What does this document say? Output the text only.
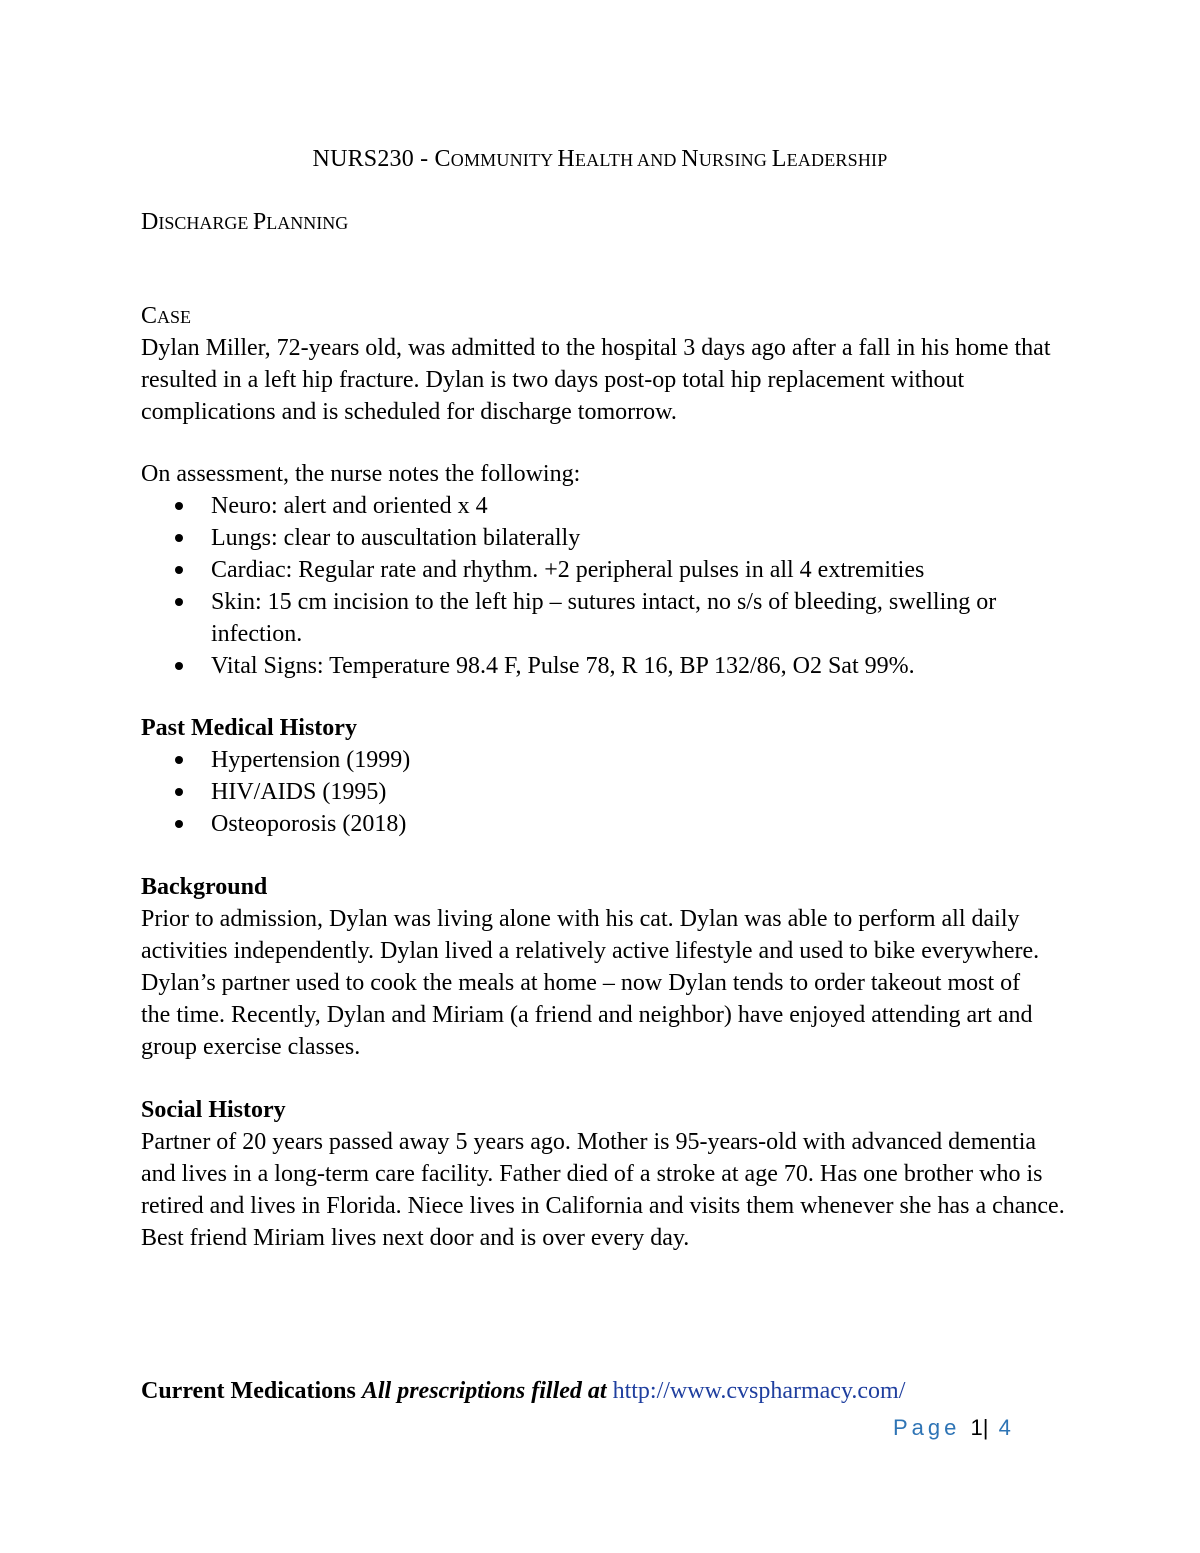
NURS230 - COMMUNITY HEALTH AND NURSING LEADERSHIP
DISCHARGE PLANNING
CASE

Dylan Miller, 72-years old, was admitted to the hospital 3 days ago after a fall in his home that resulted in a left hip fracture. Dylan is two days post-op total hip replacement without complications and is scheduled for discharge tomorrow.

On assessment, the nurse notes the following:

Neuro: alert and oriented x 4
Lungs: clear to auscultation bilaterally
Cardiac: Regular rate and rhythm. +2 peripheral pulses in all 4 extremities
Skin: 15 cm incision to the left hip – sutures intact, no s/s of bleeding, swelling or infection.
Vital Signs: Temperature 98.4 F, Pulse 78, R 16, BP 132/86, O2 Sat 99%.
Past Medical History
Hypertension (1999)
HIV/AIDS (1995)
Osteoporosis (2018)
Background

Prior to admission, Dylan was living alone with his cat. Dylan was able to perform all daily activities independently. Dylan lived a relatively active lifestyle and used to bike everywhere. Dylan’s partner used to cook the meals at home – now Dylan tends to order takeout most of the time. Recently, Dylan and Miriam (a friend and neighbor) have enjoyed attending art and group exercise classes.

Social History

Partner of 20 years passed away 5 years ago. Mother is 95-years-old with advanced dementia and lives in a long-term care facility. Father died of a stroke at age 70. Has one brother who is retired and lives in Florida. Niece lives in California and visits them whenever she has a chance. Best friend Miriam lives next door and is over every day.

Current Medications All prescriptions filled at http://www.cvspharmacy.com/
Page 1| 4
